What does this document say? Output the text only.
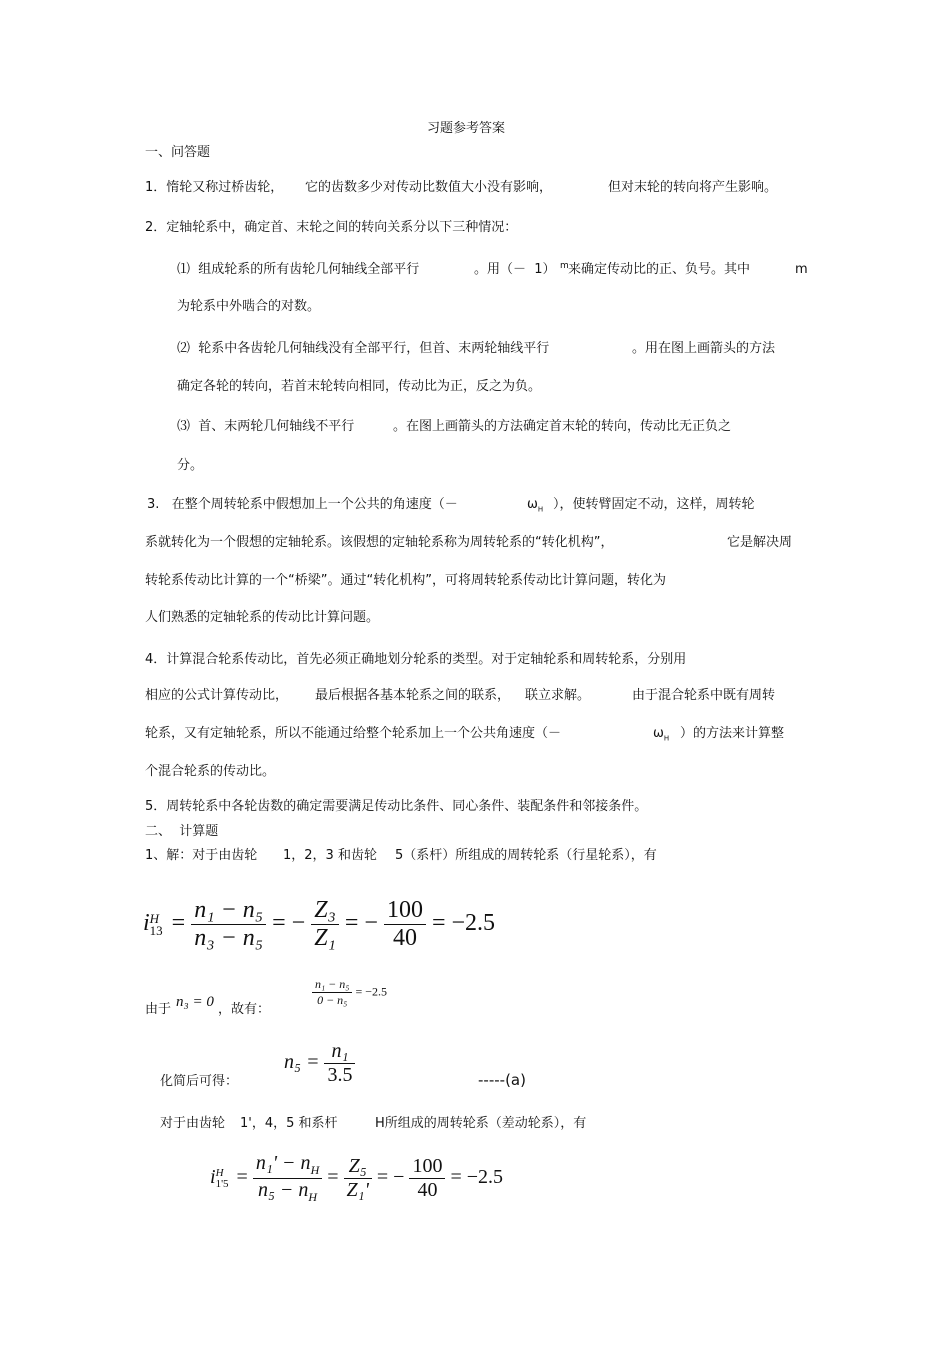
习题参考答案
一、问答题
1．惰轮又称过桥齿轮， 它的齿数多少对传动比数值大小没有影响，	但对末轮的转向将产生影响。
2．定轴轮系中，确定首、末轮之间的转向关系分以下三种情况：
⑴  组成轮系的所有齿轮几何轴线全部平行	。用（－  1） m 来确定传动比的正、负号。其中	m
为轮系中外啮合的对数。
⑵  轮系中各齿轮几何轴线没有全部平行，但首、末两轮轴线平行	。用在图上画箭头的方法
确定各轮的转向，若首末轮转向相同，传动比为正，反之为负。
⑶  首、末两轮几何轴线不平行	。在图上画箭头的方法确定首末轮的转向，传动比无正负之
分。
3.   在整个周转轮系中假想加上一个公共的角速度（－	$\omega_H$ ），使转臂固定不动，这样，周转轮
系就转化为一个假想的定轴轮系。该假想的定轴轮系称为周转轮系的“转化机构”，	它是解决周
转轮系传动比计算的一个“桥梁”。通过“转化机构”，可将周转轮系传动比计算问题，转化为
人们熟悉的定轴轮系的传动比计算问题。
4．计算混合轮系传动比，首先必须正确地划分轮系的类型。对于定轴轮系和周转轮系，分别用
相应的公式计算传动比， 最后根据各基本轮系之间的联系， 联立求解。	由于混合轮系中既有周转
轮系，又有定轴轮系，所以不能通过给整个轮系加上一个公共角速度（－	$\omega_H$ ）的方法来计算整
个混合轮系的传动比。
5．周转轮系中各轮齿数的确定需要满足传动比条件、同心条件、装配条件和邻接条件。
二、  计算题
1、解：对于由齿轮 1，2，3 和齿轮 5（系杆）所组成的周转轮系（行星轮系），有
i H
$13 = \frac{\text{n₁ − n₅}}{\text{n₃ − n₅}}$ = − $\frac{\text{Z₃}}{\text{Z₁}}$ = − $\frac{100}{40} = -2.5$
由于 n₃ = 0 ，故有：
$\frac{\text{n₁ − n₅}}{\text{0 − n₅}} = -2.5$
化简后可得：
$n_5 = \frac{\text{n₁}}{3.5}$	-----(a)
对于由齿轮 1'，4，5 和系杆	H所组成的周转轮系（差动轮系），有
i H
$1'5 = \frac{n_1' - n_H}{n_5 - n_H} = \frac{\text{Z₅}}{\text{Z₁'}}$ = − $\frac{100}{40} = -2.5$
